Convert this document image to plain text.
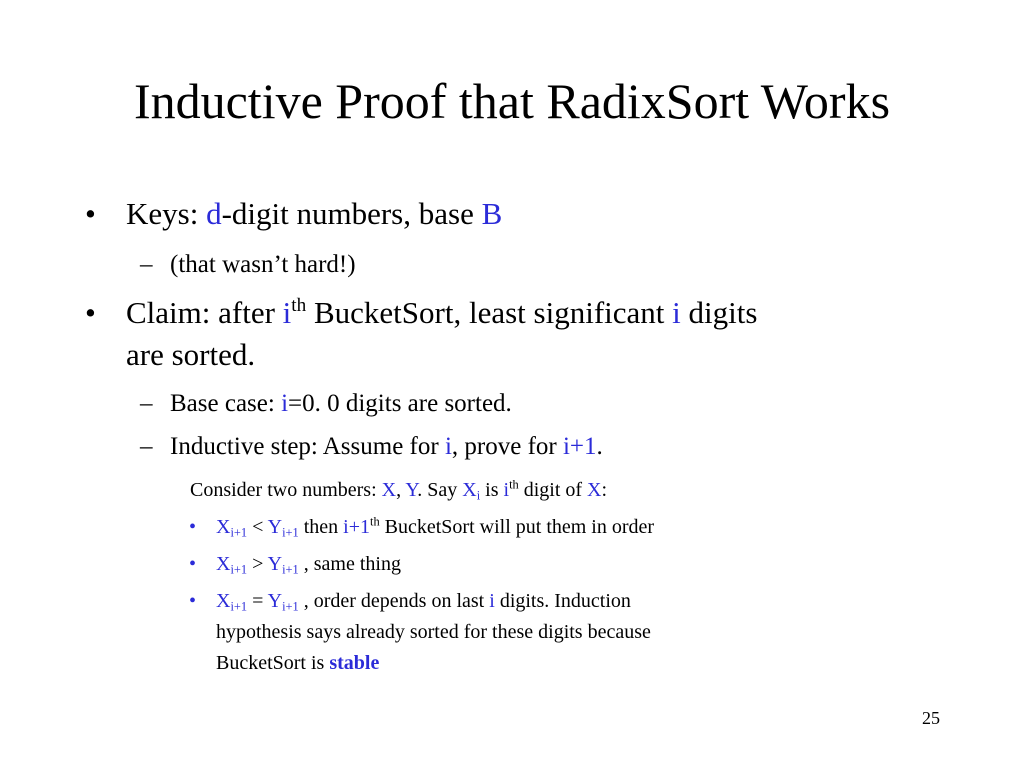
Inductive Proof that RadixSort Works
• Keys: d-digit numbers, base B
– (that wasn’t hard!)
• Claim: after $i^{th}$ BucketSort, least significant i digits
are sorted.
– Base case: i=0. 0 digits are sorted.
– Inductive step: Assume for i, prove for i+1.
Consider two numbers: X, Y. Say $X_i$ is $i^{th}$ digit of X:
• $X_{i+1} < Y_{i+1}$ then i+1th BucketSort will put them in order
• $X_{i+1} > Y_{i+1}$ , same thing
• $X_{i+1} = Y_{i+1}$ , order depends on last i digits. Induction
hypothesis says already sorted for these digits because
BucketSort is stable
25
